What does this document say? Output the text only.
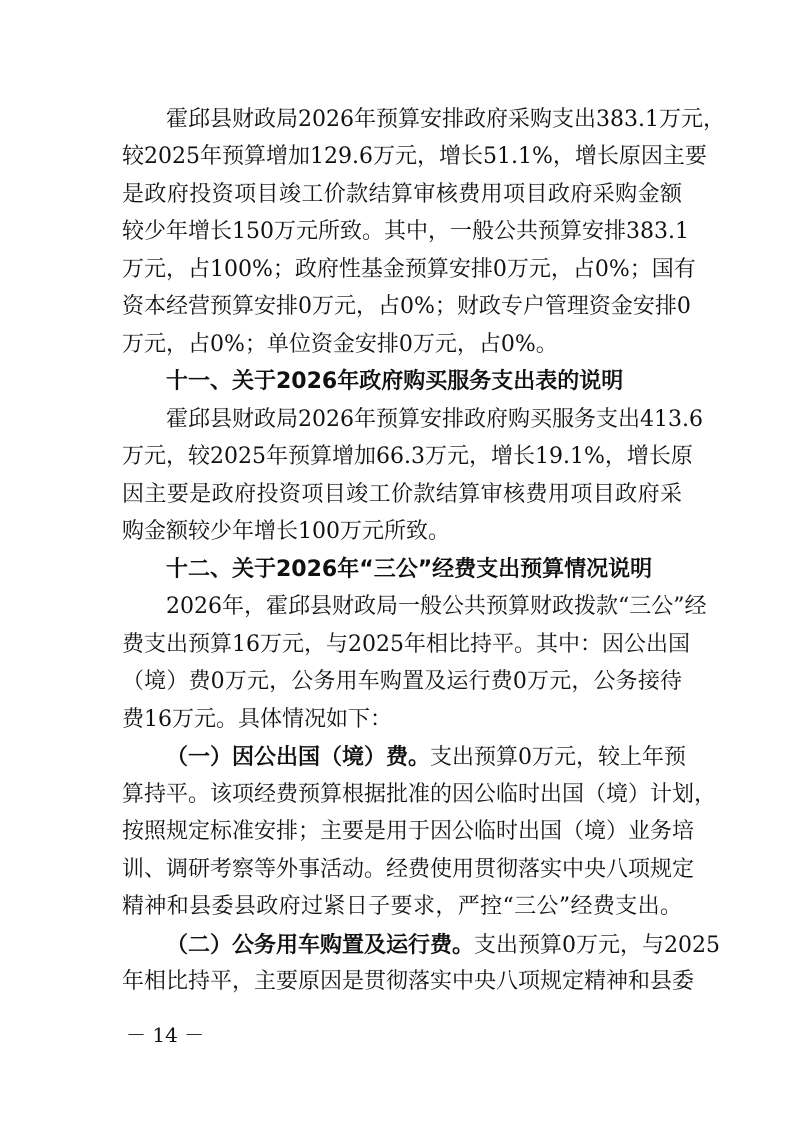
霍邱县财政局2026年预算安排政府采购支出383.1万元，
较2025年预算增加129.6万元，增长51.1%，增长原因主要
是政府投资项目竣工价款结算审核费用项目政府采购金额
较少年增长150万元所致。其中，一般公共预算安排383.1
万元，占100%；政府性基金预算安排0万元，占0%；国有
资本经营预算安排0万元，占0%；财政专户管理资金安排0
万元，占0%；单位资金安排0万元，占0%。
十一、关于2026年政府购买服务支出表的说明
霍邱县财政局2026年预算安排政府购买服务支出413.6
万元，较2025年预算增加66.3万元，增长19.1%，增长原
因主要是政府投资项目竣工价款结算审核费用项目政府采
购金额较少年增长100万元所致。
十二、关于2026年“三公”经费支出预算情况说明
2026年，霍邱县财政局一般公共预算财政拨款“三公”经
费支出预算16万元，与2025年相比持平。其中：因公出国
（境）费0万元，公务用车购置及运行费0万元，公务接待
费16万元。具体情况如下：
（一）因公出国（境）费。支出预算0万元，较上年预
算持平。该项经费预算根据批准的因公临时出国（境）计划，
按照规定标准安排；主要是用于因公临时出国（境）业务培
训、调研考察等外事活动。经费使用贯彻落实中央八项规定
精神和县委县政府过紧日子要求，严控“三公”经费支出。
（二）公务用车购置及运行费。支出预算0万元，与2025
年相比持平，主要原因是贯彻落实中央八项规定精神和县委
－ 14 －
